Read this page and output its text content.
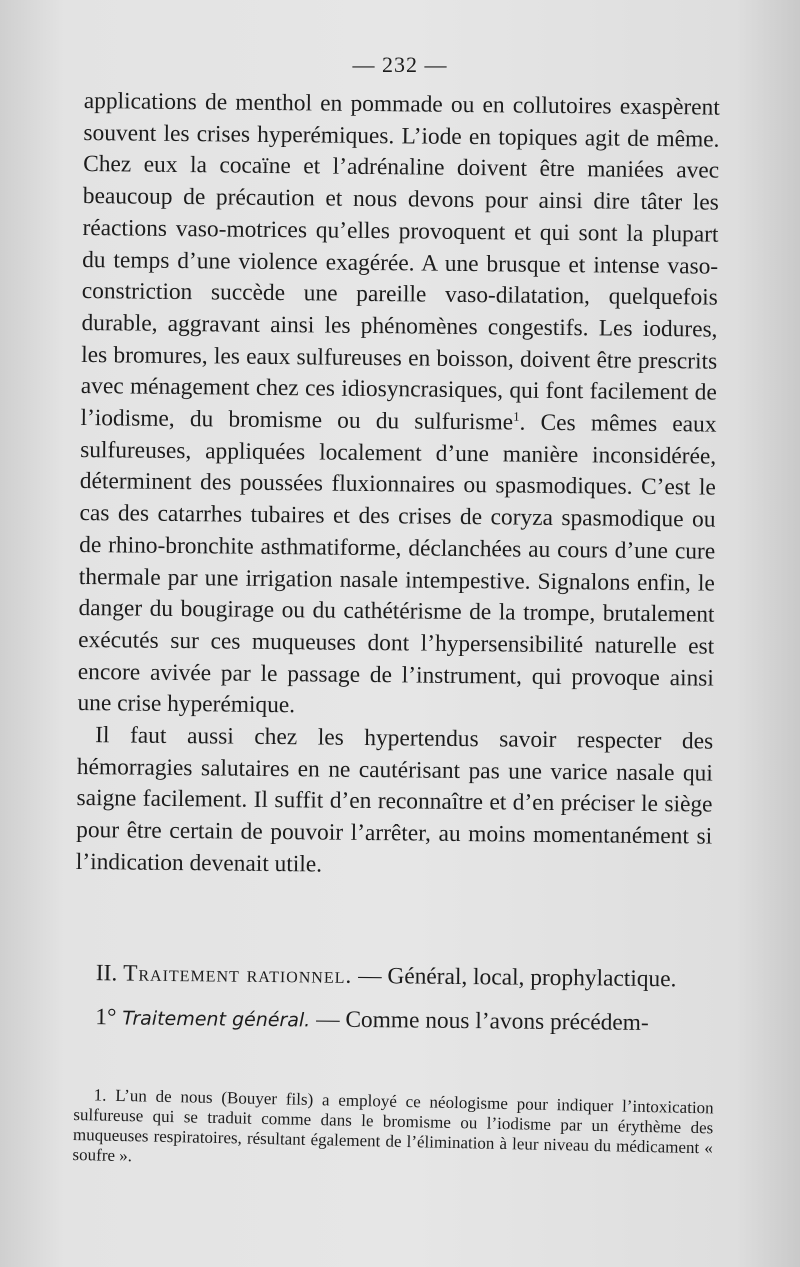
— 232 —

applications de menthol en pommade ou en collutoires exaspèrent souvent les crises hyperémiques. L’iode en topiques agit de même. Chez eux la cocaïne et l’adrénaline doivent être maniées avec beaucoup de précaution et nous devons pour ainsi dire tâter les réactions vaso-motrices qu’elles provoquent et qui sont la plupart du temps d’une violence exagérée. A une brusque et intense vaso-constriction succède une pareille vaso-dilatation, quelquefois durable, aggravant ainsi les phénomènes congestifs. Les iodures, les bromures, les eaux sulfureuses en boisson, doivent être prescrits avec ménagement chez ces idiosyncrasiques, qui font facilement de l’iodisme, du bromisme ou du sulfurisme$^1$. Ces mêmes eaux sulfureuses, appliquées localement d’une manière inconsidérée, déterminent des poussées fluxionnaires ou spasmodiques. C’est le cas des catarrhes tubaires et des crises de coryza spasmodique ou de rhino-bronchite asthmatiforme, déclanchées au cours d’une cure thermale par une irrigation nasale intempestive. Signalons enfin, le danger du bougirage ou du cathétérisme de la trompe, brutalement exécutés sur ces muqueuses dont l’hypersensibilité naturelle est encore avivée par le passage de l’instrument, qui provoque ainsi une crise hyperémique.

Il faut aussi chez les hypertendus savoir respecter des hémorragies salutaires en ne cautérisant pas une varice nasale qui saigne facilement. Il suffit d’en reconnaître et d’en préciser le siège pour être certain de pouvoir l’arrêter, au moins momentanément si l’indication devenait utile.

II. Traitement rationnel. — Général, local, prophylactique.

1° Traitement général. — Comme nous l’avons précédem-

1. L’un de nous (Bouyer fils) a employé ce néologisme pour indiquer l’intoxication sulfureuse qui se traduit comme dans le bromisme ou l’iodisme par un érythème des muqueuses respiratoires, résultant également de l’élimination à leur niveau du médicament « soufre ».
